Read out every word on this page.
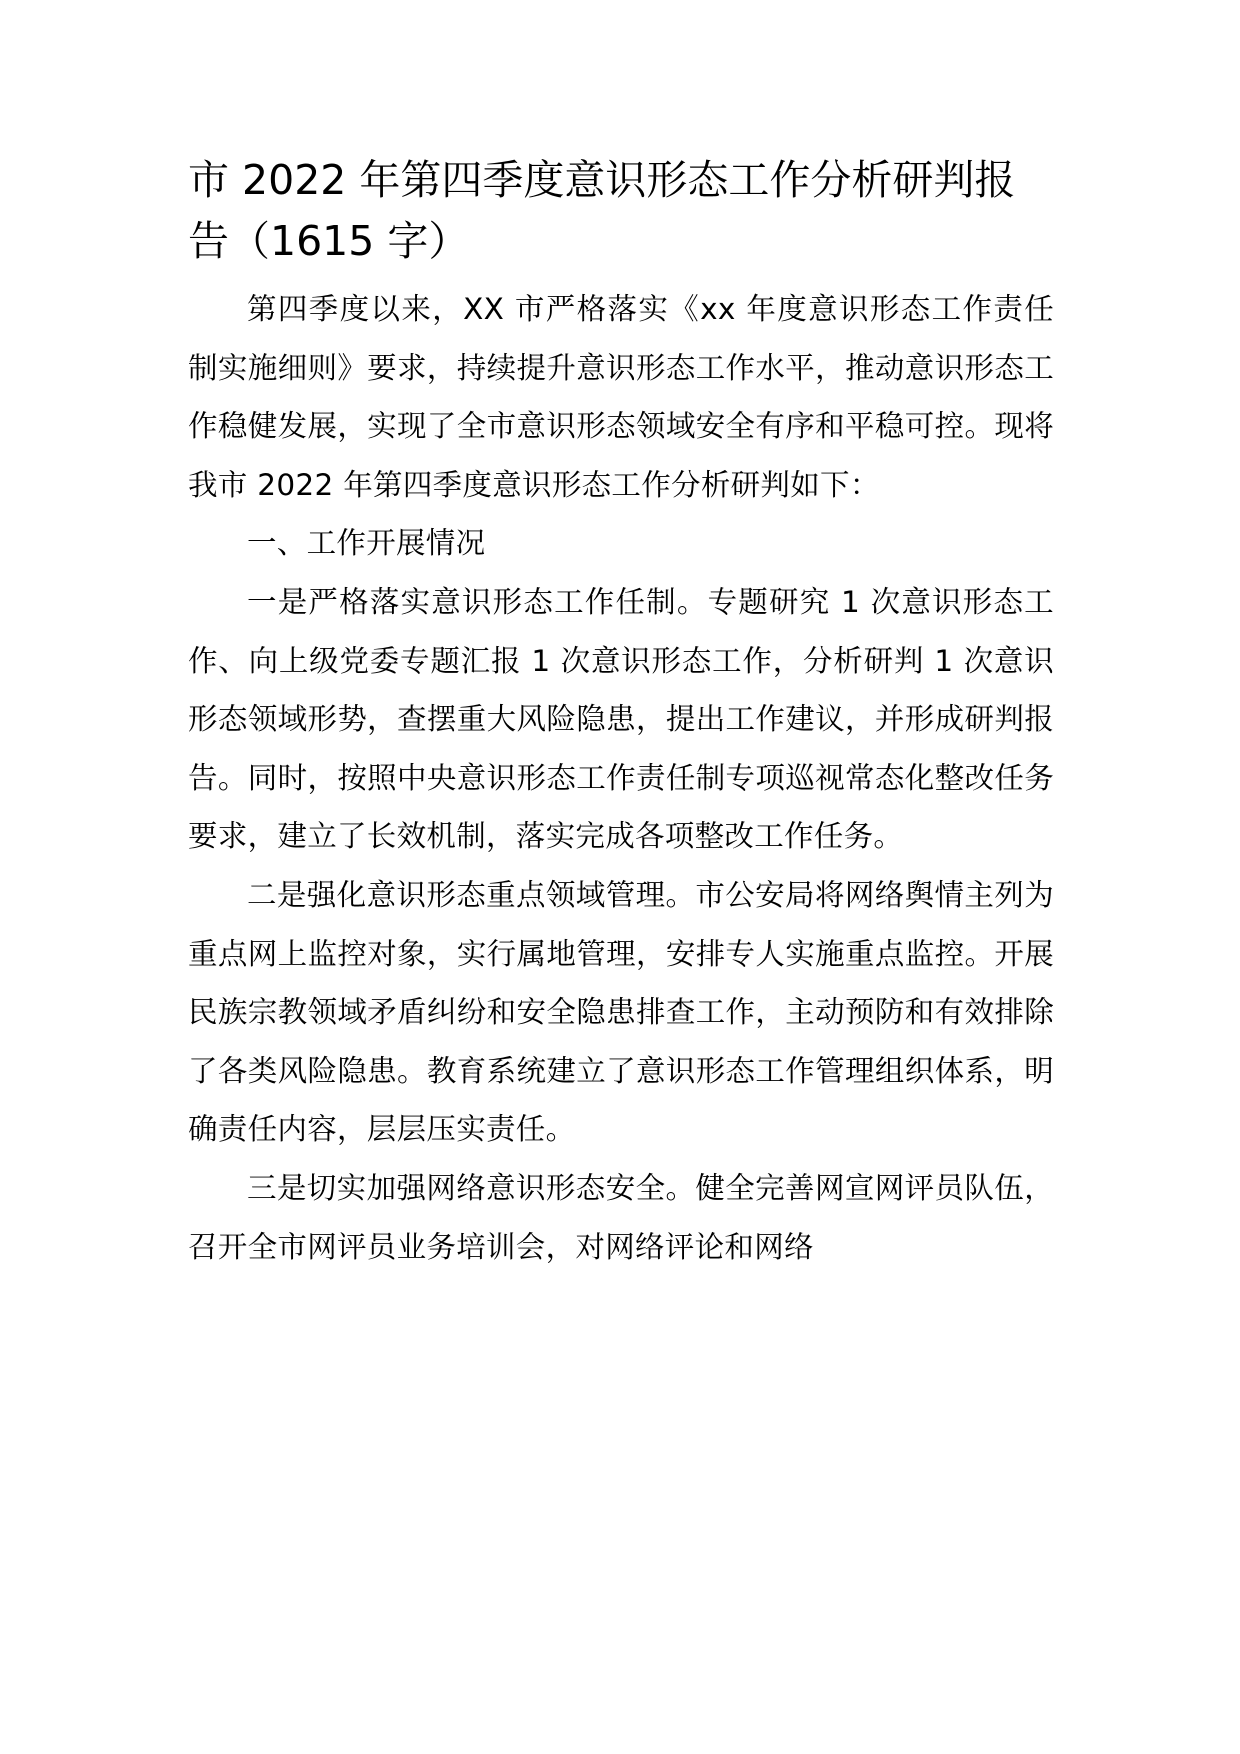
市 2022 年第四季度意识形态工作分析研判报告（1615 字）

第四季度以来，XX 市严格落实《xx 年度意识形态工作责任制实施细则》要求，持续提升意识形态工作水平，推动意识形态工作稳健发展，实现了全市意识形态领域安全有序和平稳可控。现将我市 2022 年第四季度意识形态工作分析研判如下：

一、工作开展情况

一是严格落实意识形态工作任制。专题研究 1 次意识形态工作、向上级党委专题汇报 1 次意识形态工作，分析研判 1 次意识形态领域形势，查摆重大风险隐患，提出工作建议，并形成研判报告。同时，按照中央意识形态工作责任制专项巡视常态化整改任务要求，建立了长效机制，落实完成各项整改工作任务。

二是强化意识形态重点领域管理。市公安局将网络舆情主列为重点网上监控对象，实行属地管理，安排专人实施重点监控。开展民族宗教领域矛盾纠纷和安全隐患排查工作，主动预防和有效排除了各类风险隐患。教育系统建立了意识形态工作管理组织体系，明确责任内容，层层压实责任。

三是切实加强网络意识形态安全。健全完善网宣网评员队伍，召开全市网评员业务培训会，对网络评论和网络
